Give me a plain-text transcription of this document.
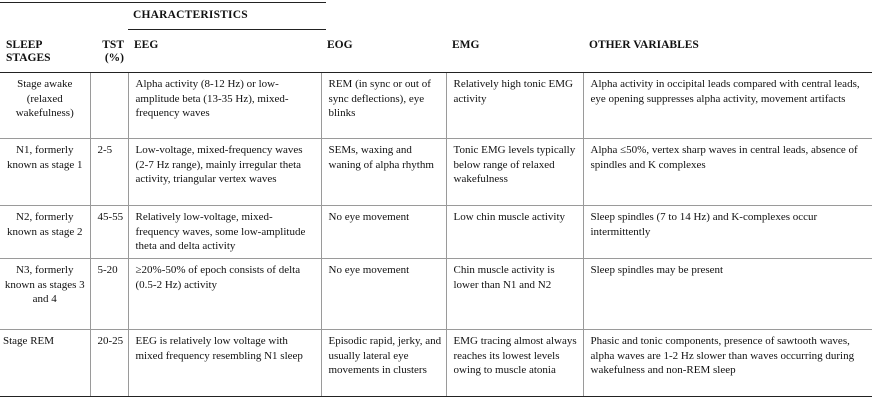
CHARACTERISTICS
SLEEP STAGES	TST (%)	EEG	EOG	EMG	OTHER VARIABLES
Stage awake (relaxed wakefulness)		Alpha activity (8-12 Hz) or low-amplitude beta (13-35 Hz), mixed-frequency waves	REM (in sync or out of sync deflections), eye blinks	Relatively high tonic EMG activity	Alpha activity in occipital leads compared with central leads, eye opening suppresses alpha activity, movement artifacts
N1, formerly known as stage 1	2-5	Low-voltage, mixed-frequency waves (2-7 Hz range), mainly irregular theta activity, triangular vertex waves	SEMs, waxing and waning of alpha rhythm	Tonic EMG levels typically below range of relaxed wakefulness	Alpha ≤50%, vertex sharp waves in central leads, absence of spindles and K complexes
N2, formerly known as stage 2	45-55	Relatively low-voltage, mixed-frequency waves, some low-amplitude theta and delta activity	No eye movement	Low chin muscle activity	Sleep spindles (7 to 14 Hz) and K-complexes occur intermittently
N3, formerly known as stages 3 and 4	5-20	≥20%-50% of epoch consists of delta (0.5-2 Hz) activity	No eye movement	Chin muscle activity is lower than N1 and N2	Sleep spindles may be present
Stage REM	20-25	EEG is relatively low voltage with mixed frequency resembling N1 sleep	Episodic rapid, jerky, and usually lateral eye movements in clusters	EMG tracing almost always reaches its lowest levels owing to muscle atonia	Phasic and tonic components, presence of sawtooth waves, alpha waves are 1-2 Hz slower than waves occurring during wakefulness and non-REM sleep
